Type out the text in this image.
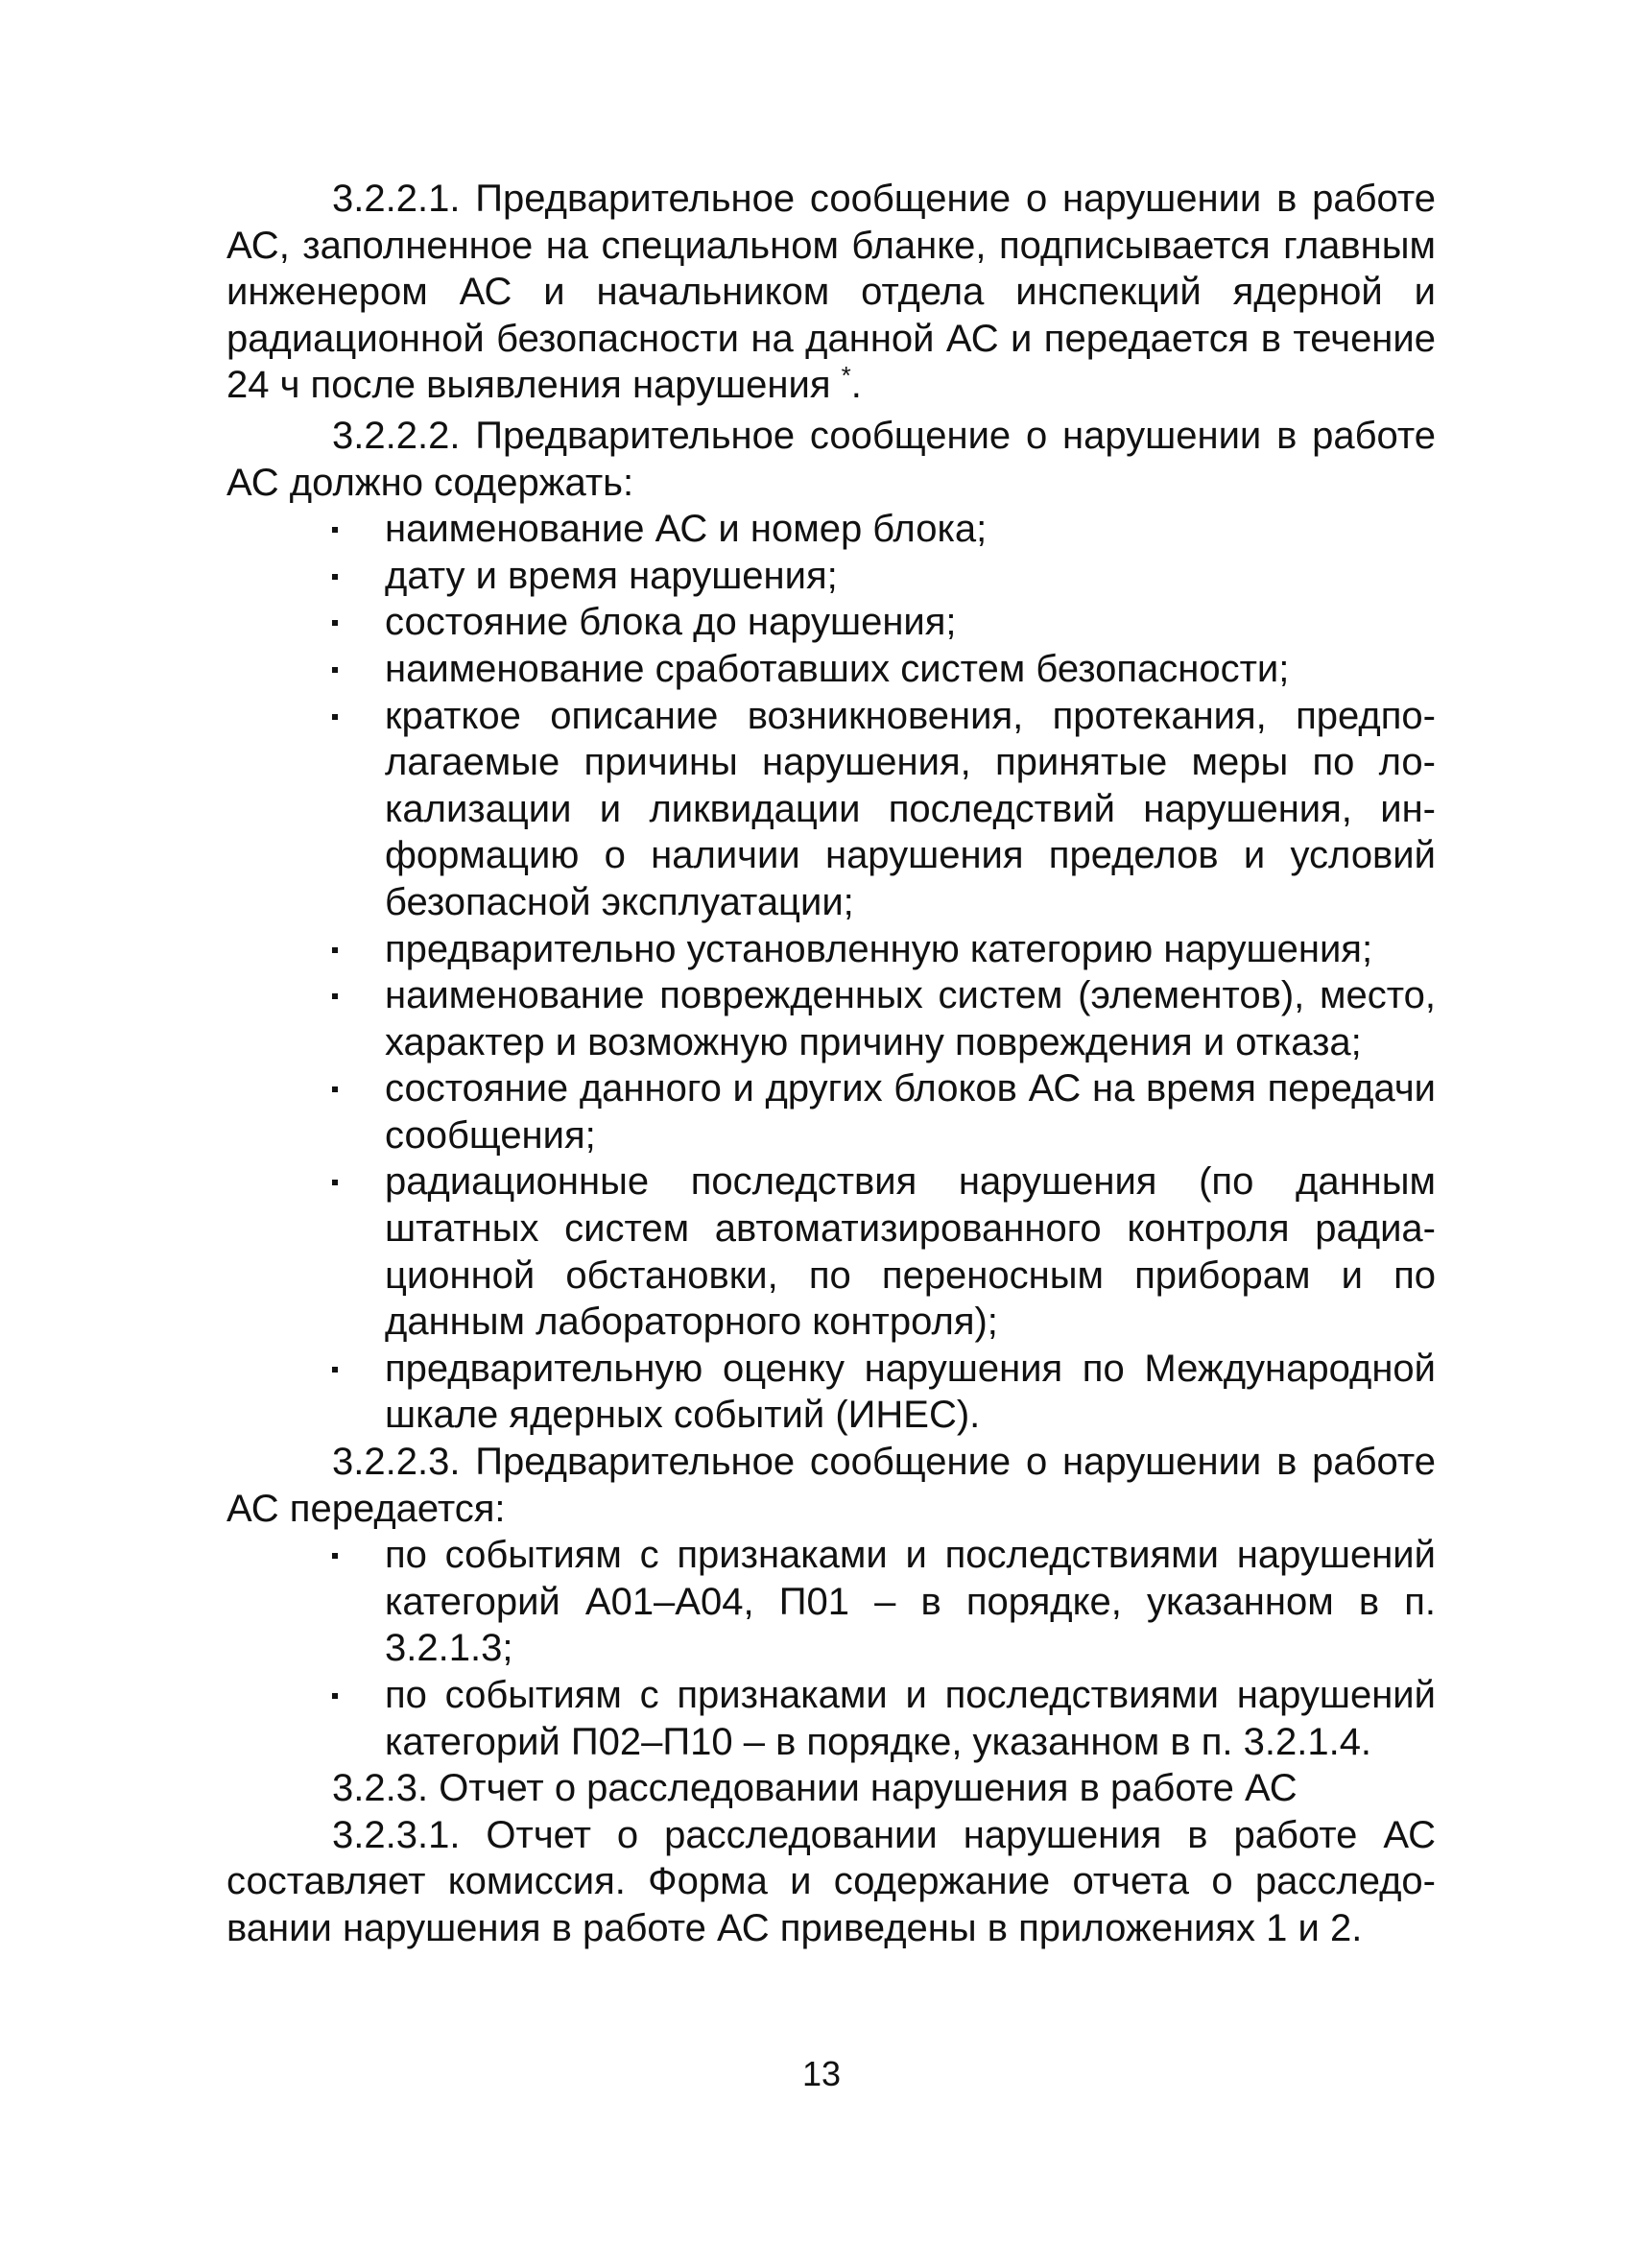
3.2.2.1. Предварительное сообщение о нарушении в работе АС, заполненное на специальном бланке, подписывается главным инженером АС и начальником отдела инспекций ядерной и радиационной безопасности на данной АС и передается в течение 24 ч после выявления нарушения *.

3.2.2.2. Предварительное сообщение о нарушении в работе АС должно содержать:

наименование АС и номер блока;
дату и время нарушения;
состояние блока до нарушения;
наименование сработавших систем безопасности;
краткое описание возникновения, протекания, предполагаемые причины нарушения, принятые меры по локализации и ликвидации последствий нарушения, информацию о наличии нарушения пределов и условий безопасной эксплуатации;
предварительно установленную категорию нарушения;
наименование поврежденных систем (элементов), место, характер и возможную причину повреждения и отказа;
состояние данного и других блоков АС на время передачи сообщения;
радиационные последствия нарушения (по данным штатных систем автоматизированного контроля радиационной обстановки, по переносным приборам и по данным лабораторного контроля);
предварительную оценку нарушения по Международной шкале ядерных событий (ИНЕС).

3.2.2.3. Предварительное сообщение о нарушении в работе АС передается:

по событиям с признаками и последствиями нарушений категорий А01–А04, П01 – в порядке, указанном в п. 3.2.1.3;
по событиям с признаками и последствиями нарушений категорий П02–П10 – в порядке, указанном в п. 3.2.1.4.

3.2.3. Отчет о расследовании нарушения в работе АС

3.2.3.1. Отчет о расследовании нарушения в работе АС составляет комиссия. Форма и содержание отчета о расследовании нарушения в работе АС приведены в приложениях 1 и 2.

13
